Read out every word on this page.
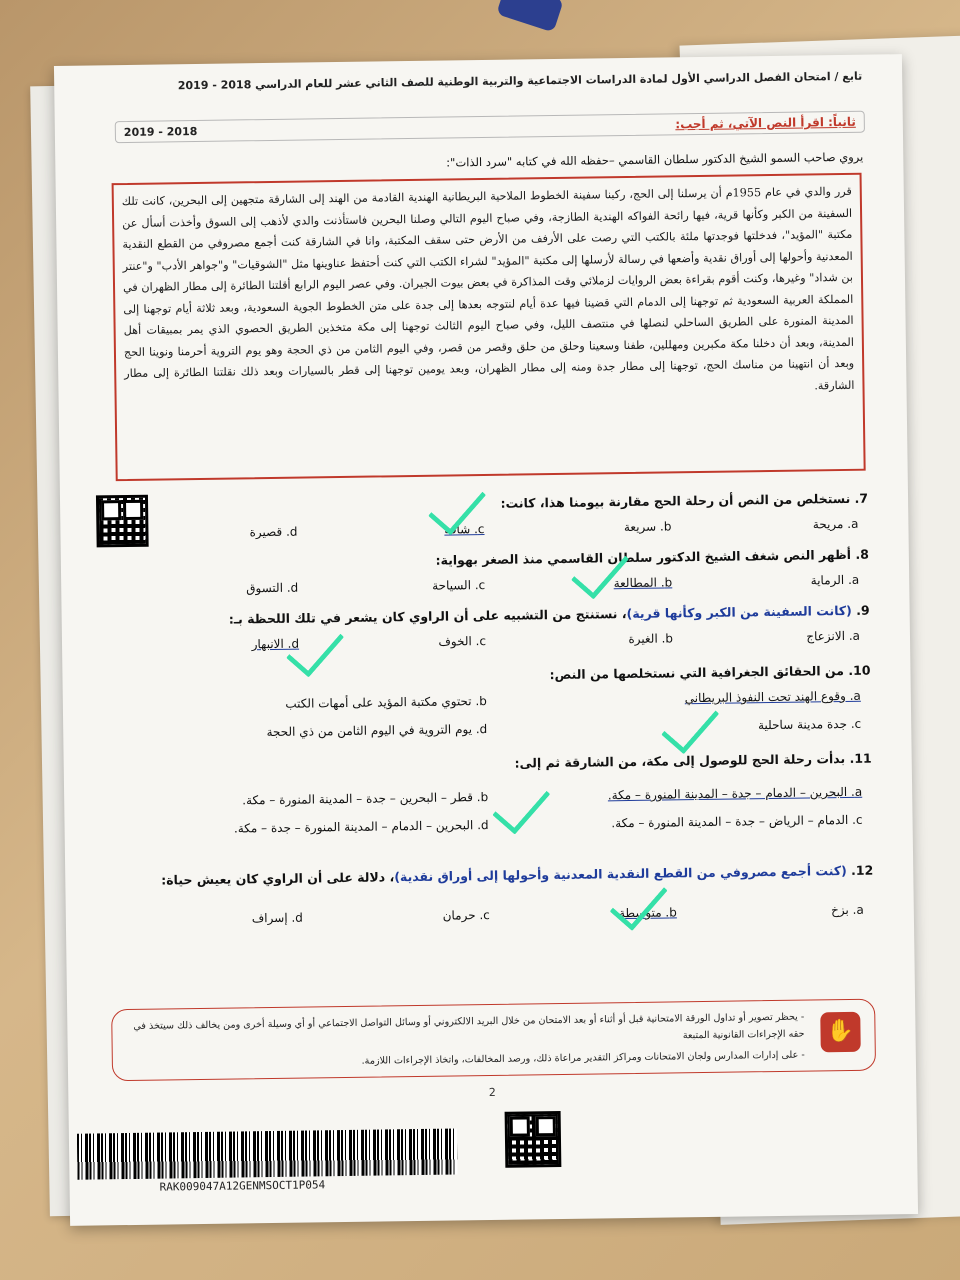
تابع / امتحان الفصل الدراسي الأول لمادة الدراسات الاجتماعية والتربية الوطنية للصف الثاني عشر للعام الدراسي 2018 - 2019
ثانياً: اقرأ النص الآتي، ثم أجب:
2018 - 2019
يروي صاحب السمو الشيخ الدكتور سلطان القاسمي –حفظه الله في كتابه "سرد الذات":
قرر والدي في عام 1955م أن يرسلنا إلى الحج، ركبنا سفينة الخطوط الملاحية البريطانية الهندية القادمة من الهند إلى الشارقة متجهين إلى البحرين، كانت تلك السفينة من الكبر وكأنها قرية، فيها رائحة الفواكه الهندية الطازجة، وفي صباح اليوم التالي وصلنا البحرين فاستأذنت والدي لأذهب إلى السوق وأخذت أسأل عن مكتبة "المؤيد"، فدخلتها فوجدتها ملئة بالكتب التي رصت على الأرفف من الأرض حتى سقف المكتبة، وانا في الشارقة كنت أجمع مصروفي من القطع النقدية المعدنية وأحولها إلى أوراق نقدية وأضعها في رسالة لأرسلها إلى مكتبة "المؤيد" لشراء الكتب التي كنت أحتفظ عناوينها مثل "الشوقيات" و"جواهر الأدب" و"عنتر بن شداد" وغيرها، وكنت أقوم بقراءة بعض الروايات لزملائي وقت المذاكرة في بعض بيوت الجيران. وفي عصر اليوم الرابع أقلتنا الطائرة إلى مطار الظهران في المملكة العربية السعودية ثم توجهنا إلى الدمام التي قضينا فيها عدة أيام لنتوجه بعدها إلى جدة على متن الخطوط الجوية السعودية، وبعد ثلاثة أيام توجهنا إلى المدينة المنورة على الطريق الساحلي لنصلها في منتصف الليل، وفي صباح اليوم الثالث توجهنا إلى مكة متخذين الطريق الحصوي الذي يمر بمبيقات أهل المدينة، وبعد أن دخلنا مكة مكبرين ومهللين، طفنا وسعينا وحلق من حلق وقصر من قصر، وفي اليوم الثامن من ذي الحجة وهو يوم التروية أحرمنا ونوينا الحج وبعد أن انتهينا من مناسك الحج، توجهنا إلى مطار جدة ومنه إلى مطار الظهران، وبعد يومين توجهنا إلى قطر بالسيارات وبعد ذلك نقلتنا الطائرة إلى مطار الشارقة.
7. نستخلص من النص أن رحلة الحج مقارنة بيومنا هذا، كانت:
a. مريحة
b. سريعة
c. شاقة
d. قصيرة
8. أظهر النص شغف الشيخ الدكتور سلطان القاسمي منذ الصغر بهواية:
a. الرماية
b. المطالعة
c. السياحة
d. التسوق
9. (كانت السفينة من الكبر وكأنها قرية)، نستنتج من التشبيه على أن الراوي كان يشعر في تلك اللحظة بـ:
a. الانزعاج
b. الغيرة
c. الخوف
d. الانبهار
10. من الحقائق الجغرافية التي نستخلصها من النص:
a. وقوع الهند تحت النفوذ البريطاني
b. تحتوي مكتبة المؤيد على أمهات الكتب
c. جدة مدينة ساحلية
d. يوم التروية في اليوم الثامن من ذي الحجة
11. بدأت رحلة الحج للوصول إلى مكة، من الشارقة ثم إلى:
a. البحرين – الدمام – جدة – المدينة المنورة – مكة.
b. قطر – البحرين – جدة – المدينة المنورة – مكة.
c. الدمام – الرياض – جدة – المدينة المنورة – مكة.
d. البحرين – الدمام – المدينة المنورة – جدة – مكة.
12. (كنت أجمع مصروفي من القطع النقدية المعدنية وأحولها إلى أوراق نقدية)، دلالة على أن الراوي كان يعيش حياة:
a. بزخ
b. متوسطة
c. حرمان
d. إسراف
✋
- يحظر تصوير أو تداول الورقة الامتحانية قبل أو أثناء أو بعد الامتحان من خلال البريد الالكتروني أو وسائل التواصل الاجتماعي أو أي وسيلة أخرى ومن يخالف ذلك سيتخذ في حقه الإجراءات القانونية المتبعة
- على إدارات المدارس ولجان الامتحانات ومراكز التقدير مراعاة ذلك، ورصد المخالفات، واتخاذ الإجراءات اللازمة.
2
RAK009047A12GENMSOCT1P054
